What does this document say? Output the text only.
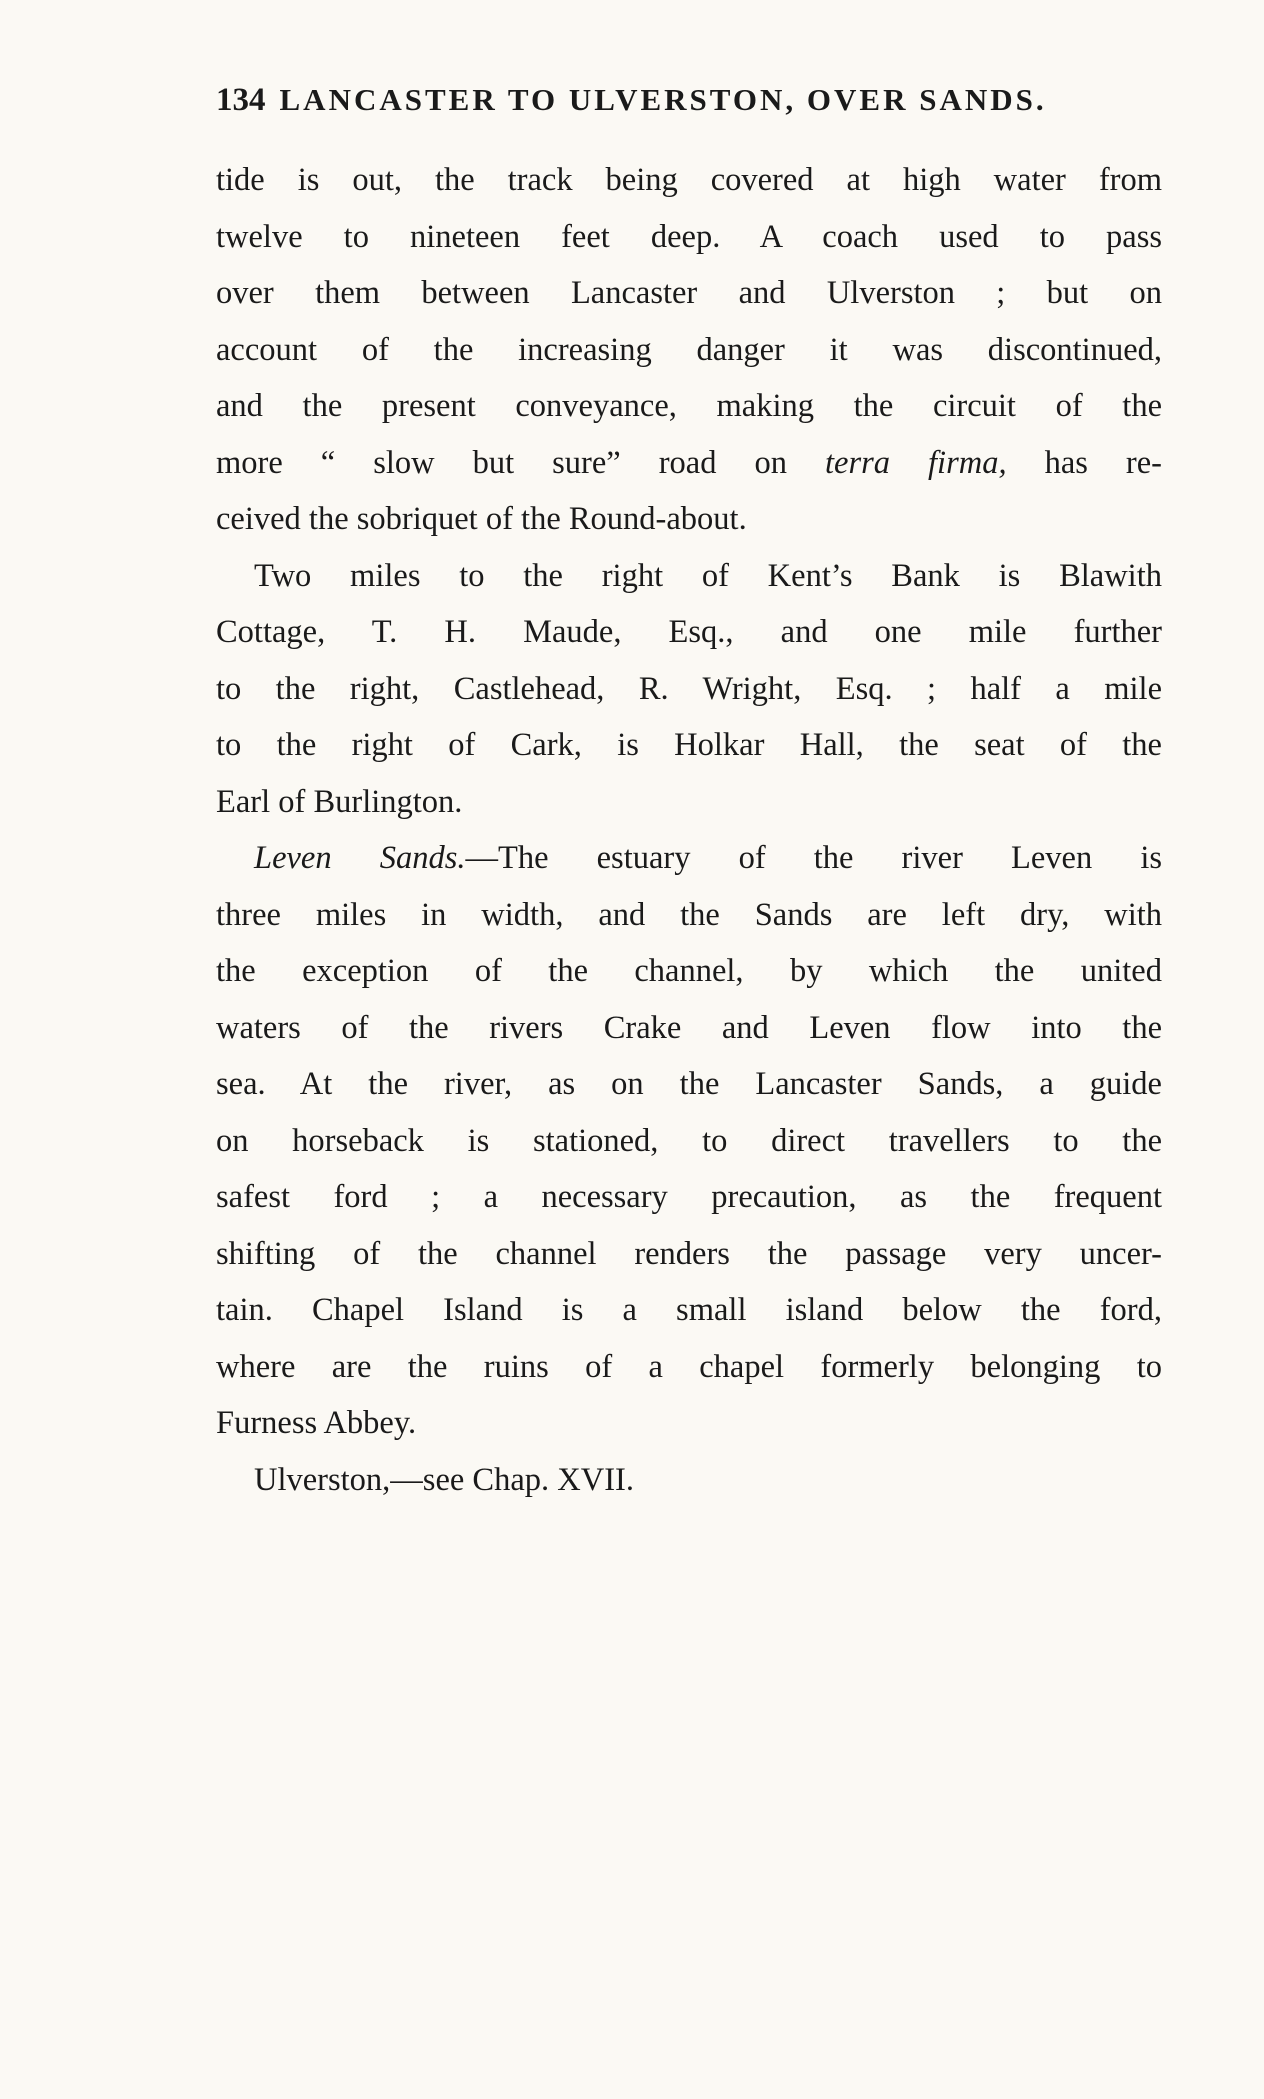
134 LANCASTER TO ULVERSTON, OVER SANDS.
tide is out, the track being covered at high water from
twelve to nineteen feet deep. A coach used to pass
over them between Lancaster and Ulverston ; but on
account of the increasing danger it was discontinued,
and the present conveyance, making the circuit of the
more “ slow but sure” road on terra firma, has re-
ceived the sobriquet of the Round-about.
Two miles to the right of Kent’s Bank is Blawith
Cottage, T. H. Maude, Esq., and one mile further
to the right, Castlehead, R. Wright, Esq. ; half a mile
to the right of Cark, is Holkar Hall, the seat of the
Earl of Burlington.
Leven Sands.—The estuary of the river Leven is
three miles in width, and the Sands are left dry, with
the exception of the channel, by which the united
waters of the rivers Crake and Leven flow into the
sea. At the river, as on the Lancaster Sands, a guide
on horseback is stationed, to direct travellers to the
safest ford ; a necessary precaution, as the frequent
shifting of the channel renders the passage very uncer-
tain. Chapel Island is a small island below the ford,
where are the ruins of a chapel formerly belonging to
Furness Abbey.
Ulverston,—see Chap. XVII.
